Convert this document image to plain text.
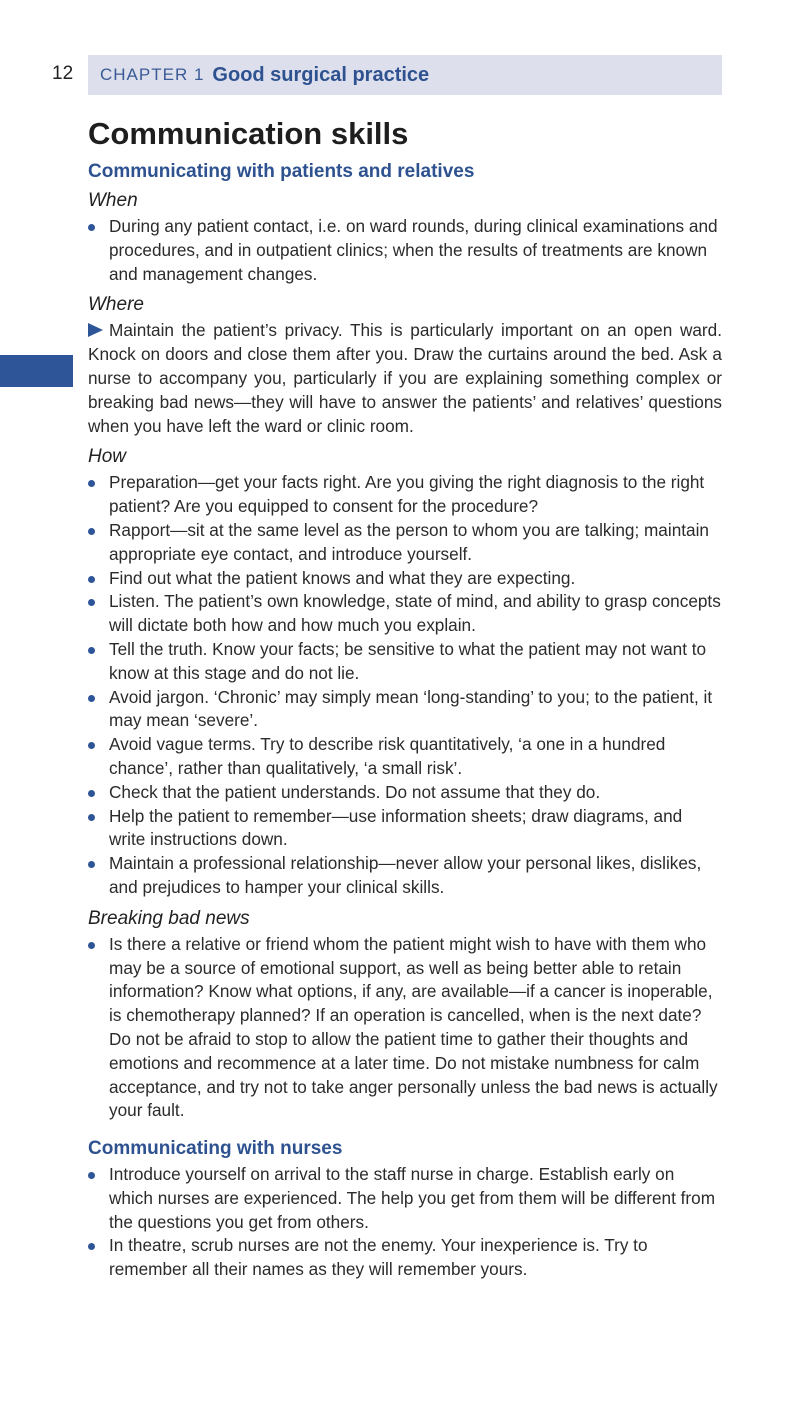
12 CHAPTER 1 Good surgical practice
Communication skills
Communicating with patients and relatives
When
During any patient contact, i.e. on ward rounds, during clinical examinations and procedures, and in outpatient clinics; when the results of treatments are known and management changes.
Where

Maintain the patient’s privacy. This is particularly important on an open ward. Knock on doors and close them after you. Draw the curtains around the bed. Ask a nurse to accompany you, particularly if you are explaining something complex or breaking bad news—they will have to answer the patients’ and relatives’ questions when you have left the ward or clinic room.

How
Preparation—get your facts right. Are you giving the right diagnosis to the right patient? Are you equipped to consent for the procedure?
Rapport—sit at the same level as the person to whom you are talking; maintain appropriate eye contact, and introduce yourself.
Find out what the patient knows and what they are expecting.
Listen. The patient’s own knowledge, state of mind, and ability to grasp concepts will dictate both how and how much you explain.
Tell the truth. Know your facts; be sensitive to what the patient may not want to know at this stage and do not lie.
Avoid jargon. ‘Chronic’ may simply mean ‘long-standing’ to you; to the patient, it may mean ‘severe’.
Avoid vague terms. Try to describe risk quantitatively, ‘a one in a hundred chance’, rather than qualitatively, ‘a small risk’.
Check that the patient understands. Do not assume that they do.
Help the patient to remember—use information sheets; draw diagrams, and write instructions down.
Maintain a professional relationship—never allow your personal likes, dislikes, and prejudices to hamper your clinical skills.
Breaking bad news
Is there a relative or friend whom the patient might wish to have with them who may be a source of emotional support, as well as being better able to retain information? Know what options, if any, are available—if a cancer is inoperable, is chemotherapy planned? If an operation is cancelled, when is the next date? Do not be afraid to stop to allow the patient time to gather their thoughts and emotions and recommence at a later time. Do not mistake numbness for calm acceptance, and try not to take anger personally unless the bad news is actually your fault.
Communicating with nurses
Introduce yourself on arrival to the staff nurse in charge. Establish early on which nurses are experienced. The help you get from them will be different from the questions you get from others.
In theatre, scrub nurses are not the enemy. Your inexperience is. Try to remember all their names as they will remember yours.
